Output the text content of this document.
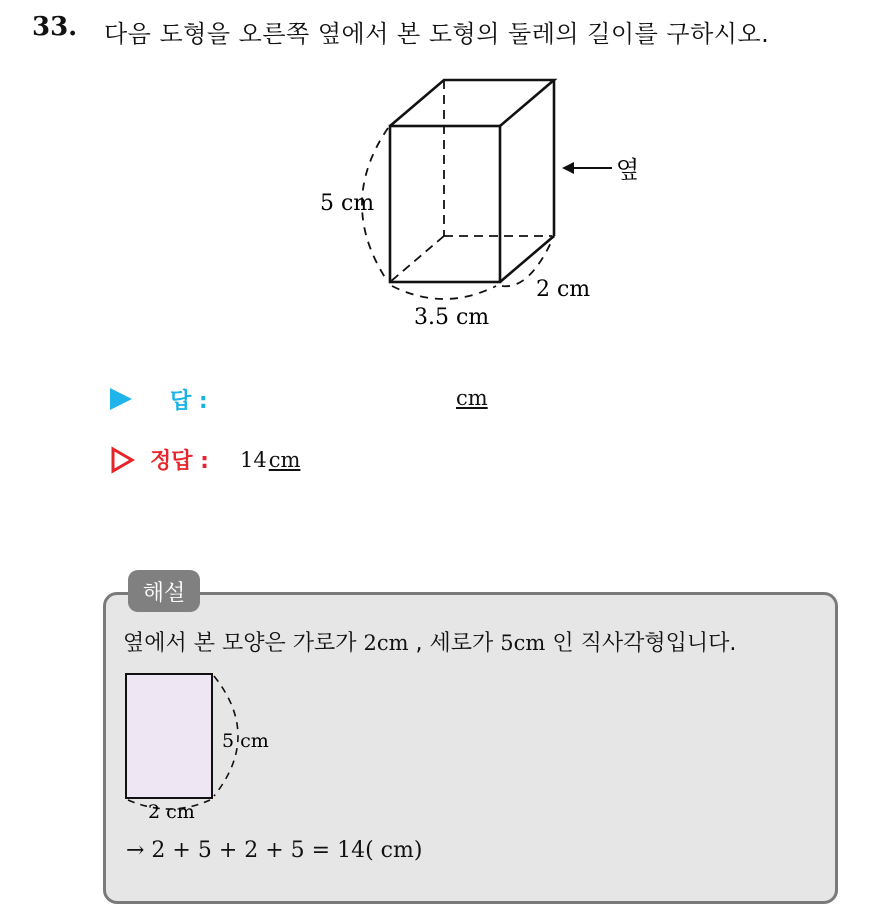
33. 다음 도형을 오른쪽 옆에서 본 도형의 둘레의 길이를 구하시오.
옆
5 cm
3.5 cm
2 cm
답 :	cm
정답 : 14cm
해설
옆에서 본 모양은 가로가 2cm , 세로가 5cm 인 직사각형입니다.
5 cm
2 cm
→ 2 + 5 + 2 + 5 = 14( cm)
